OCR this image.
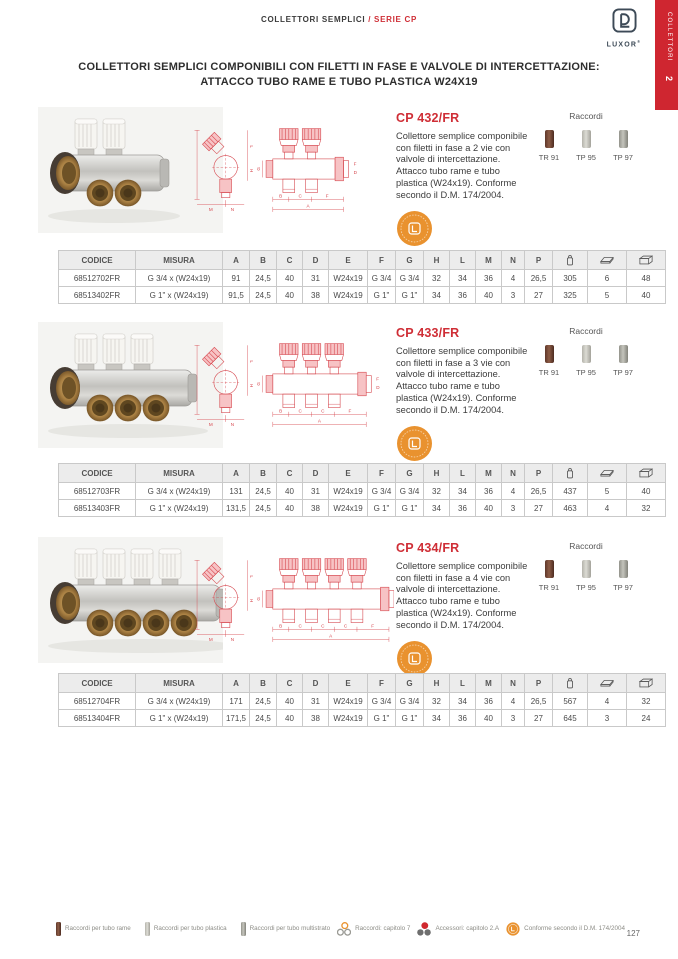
COLLETTORI SEMPLICI / SERIE CP
LUXOR®	COLLETTORI 2
COLLETTORI SEMPLICI COMPONIBILI CON FILETTI IN FASE E VALVOLE DI INTERCETTAZIONE:
ATTACCO TUBO RAME E TUBO PLASTICA W24X19
M	N
L
H G
F
D
B	C	F
A
CP 432/FR

Collettore semplice componibile con filetti in fase a 2 vie con valvole di intercettazione. Attacco tubo rame e tubo plastica (W24x19). Conforme secondo il D.M. 174/2004.

Raccordi
TR 91 TP 95 TP 97
M	N
L
H G
F
D
B	C	C	F
A
CP 433/FR

Collettore semplice componibile con filetti in fase a 3 vie con valvole di intercettazione. Attacco tubo rame e tubo plastica (W24x19). Conforme secondo il D.M. 174/2004.

Raccordi
TR 91 TP 95 TP 97
M	N
L
H G
B	C	C	C	F
A
CP 434/FR

Collettore semplice componibile con filetti in fase a 4 vie con valvole di intercettazione. Attacco tubo rame e tubo plastica (W24x19). Conforme secondo il D.M. 174/2004.

Raccordi
TR 91 TP 95 TP 97
CODICE	MISURA	A	B	C	D	E	F	G	H	L	M	N	P			
68512702FR	G 3/4 x (W24x19)	91	24,5	40	31	W24x19	G 3/4	G 3/4	32	34	36	4	26,5	305	6	48
68513402FR	G 1" x (W24x19)	91,5	24,5	40	38	W24x19	G 1"	G 1"	34	36	40	3	27	325	5	40
CODICE	MISURA	A	B	C	D	E	F	G	H	L	M	N	P			
68512703FR	G 3/4 x (W24x19)	131	24,5	40	31	W24x19	G 3/4	G 3/4	32	34	36	4	26,5	437	5	40
68513403FR	G 1" x (W24x19)	131,5	24,5	40	38	W24x19	G 1"	G 1"	34	36	40	3	27	463	4	32
CODICE	MISURA	A	B	C	D	E	F	G	H	L	M	N	P			
68512704FR	G 3/4 x (W24x19)	171	24,5	40	31	W24x19	G 3/4	G 3/4	32	34	36	4	26,5	567	4	32
68513404FR	G 1" x (W24x19)	171,5	24,5	40	38	W24x19	G 1"	G 1"	34	36	40	3	27	645	3	24
Raccordi per tubo rame	Raccordi per tubo plastica	Raccordi per tubo multistrato	Raccordi: capitolo 7	Accessori: capitolo 2.A	Conforme secondo il D.M. 174/2004
127
